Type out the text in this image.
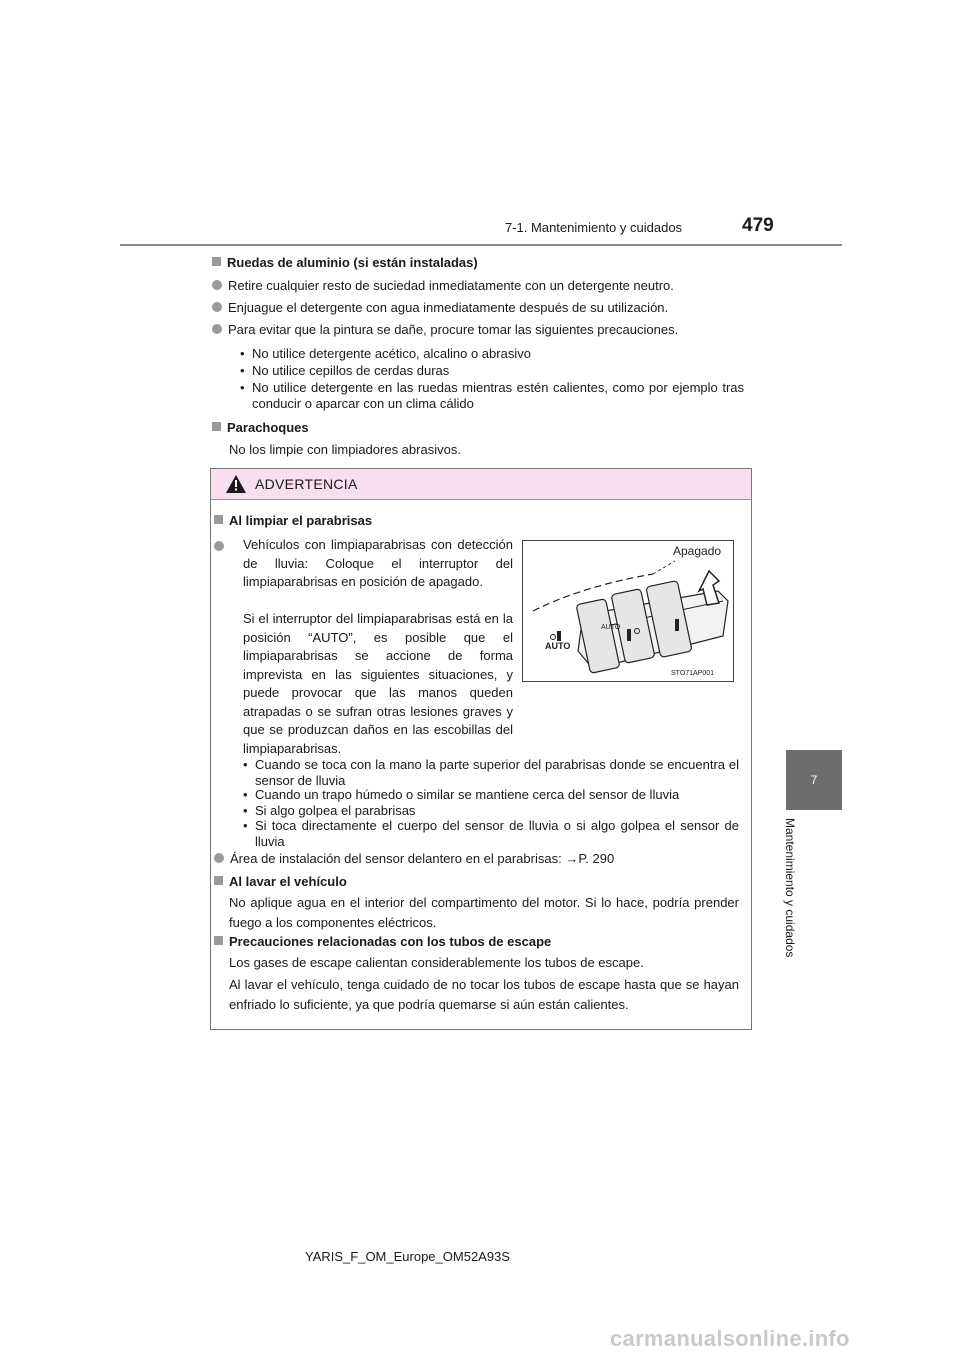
7-1. Mantenimiento y cuidados	479
7
Mantenimiento y cuidados
Ruedas de aluminio (si están instaladas)
Retire cualquier resto de suciedad inmediatamente con un detergente neutro.
Enjuague el detergente con agua inmediatamente después de su utilización.
Para evitar que la pintura se dañe, procure tomar las siguientes precauciones.
• No utilice detergente acético, alcalino o abrasivo
• No utilice cepillos de cerdas duras
• No utilice detergente en las ruedas mientras estén calientes, como por ejemplo tras conducir o aparcar con un clima cálido
Parachoques
No los limpie con limpiadores abrasivos.
ADVERTENCIA
Al limpiar el parabrisas
Vehículos con limpiaparabrisas con detección de lluvia: Coloque el interruptor del limpiaparabrisas en posición de apagado.
Si el interruptor del limpiaparabrisas está en la posición “AUTO”, es posible que el limpiaparabrisas se accione de forma imprevista en las siguientes situaciones, y puede provocar que las manos queden atrapadas o se sufran otras lesiones graves y que se produzcan daños en las escobillas del limpiaparabrisas.
AUTO
AUTO
Apagado
STO71AP001
• Cuando se toca con la mano la parte superior del parabrisas donde se encuentra el sensor de lluvia
• Cuando un trapo húmedo o similar se mantiene cerca del sensor de lluvia
• Si algo golpea el parabrisas
• Si toca directamente el cuerpo del sensor de lluvia o si algo golpea el sensor de lluvia
Área de instalación del sensor delantero en el parabrisas: →P. 290
Al lavar el vehículo
No aplique agua en el interior del compartimento del motor. Si lo hace, podría prender fuego a los componentes eléctricos.
Precauciones relacionadas con los tubos de escape
Los gases de escape calientan considerablemente los tubos de escape.
Al lavar el vehículo, tenga cuidado de no tocar los tubos de escape hasta que se hayan enfriado lo suficiente, ya que podría quemarse si aún están calientes.
YARIS_F_OM_Europe_OM52A93S
carmanualsonline.info
